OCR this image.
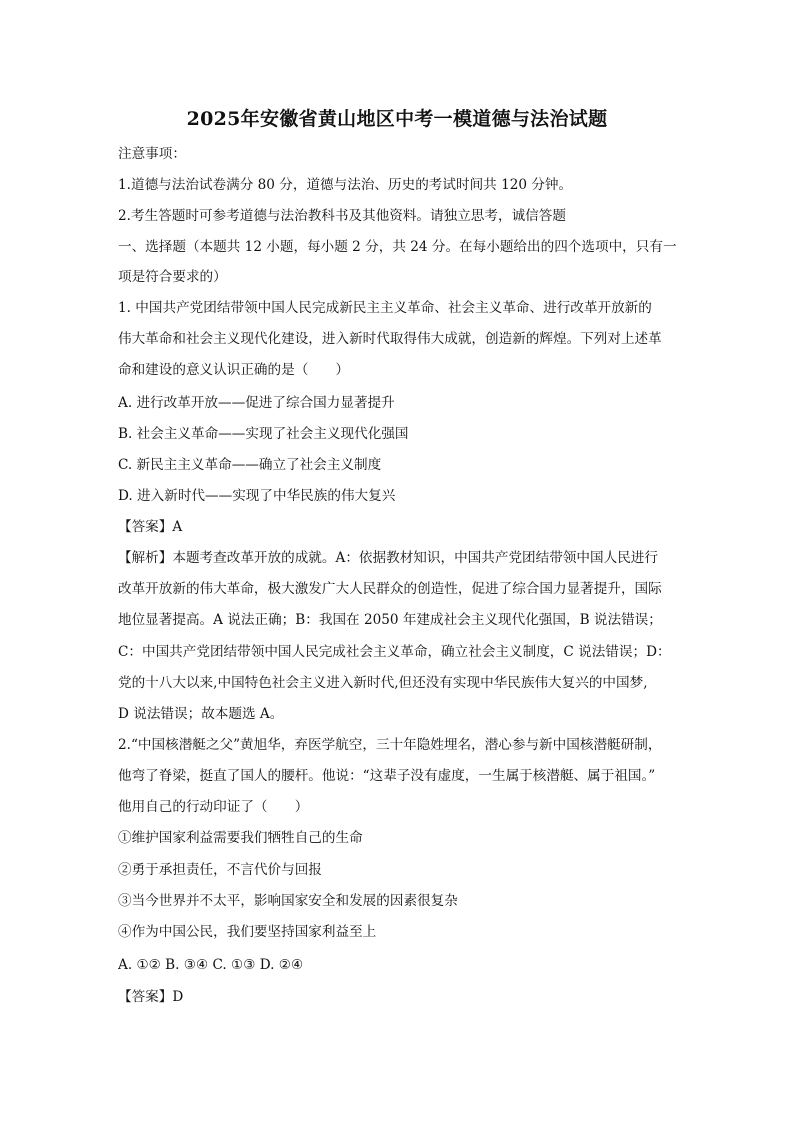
2025年安徽省黄山地区中考一模道德与法治试题
注意事项：
1.道德与法治试卷满分 80 分，道德与法治、历史的考试时间共 120 分钟。
2.考生答题时可参考道德与法治教科书及其他资料。请独立思考，诚信答题
一、选择题（本题共 12 小题，每小题 2 分，共 24 分。在每小题给出的四个选项中，只有一
项是符合要求的）
1. 中国共产党团结带领中国人民完成新民主主义革命、社会主义革命、进行改革开放新的
伟大革命和社会主义现代化建设，进入新时代取得伟大成就，创造新的辉煌。下列对上述革
命和建设的意义认识正确的是（　　）
A. 进行改革开放——促进了综合国力显著提升
B. 社会主义革命——实现了社会主义现代化强国
C. 新民主主义革命——确立了社会主义制度
D. 进入新时代——实现了中华民族的伟大复兴
【答案】A
【解析】本题考查改革开放的成就。A：依据教材知识，中国共产党团结带领中国人民进行
改革开放新的伟大革命，极大激发广大人民群众的创造性，促进了综合国力显著提升，国际
地位显著提高。A 说法正确；B：我国在 2050 年建成社会主义现代化强国，B 说法错误；
C：中国共产党团结带领中国人民完成社会主义革命，确立社会主义制度，C 说法错误；D：
党的十八大以来,中国特色社会主义进入新时代,但还没有实现中华民族伟大复兴的中国梦,
D 说法错误；故本题选 A。
2.“中国核潜艇之父”黄旭华，弃医学航空，三十年隐姓埋名，潜心参与新中国核潜艇研制，
他弯了脊梁，挺直了国人的腰杆。他说：“这辈子没有虚度，一生属于核潜艇、属于祖国。”
他用自己的行动印证了（　　）
①维护国家利益需要我们牺牲自己的生命
②勇于承担责任，不言代价与回报
③当今世界并不太平，影响国家安全和发展的因素很复杂
④作为中国公民，我们要坚持国家利益至上
A. ①② B. ③④ C. ①③ D. ②④
【答案】D
